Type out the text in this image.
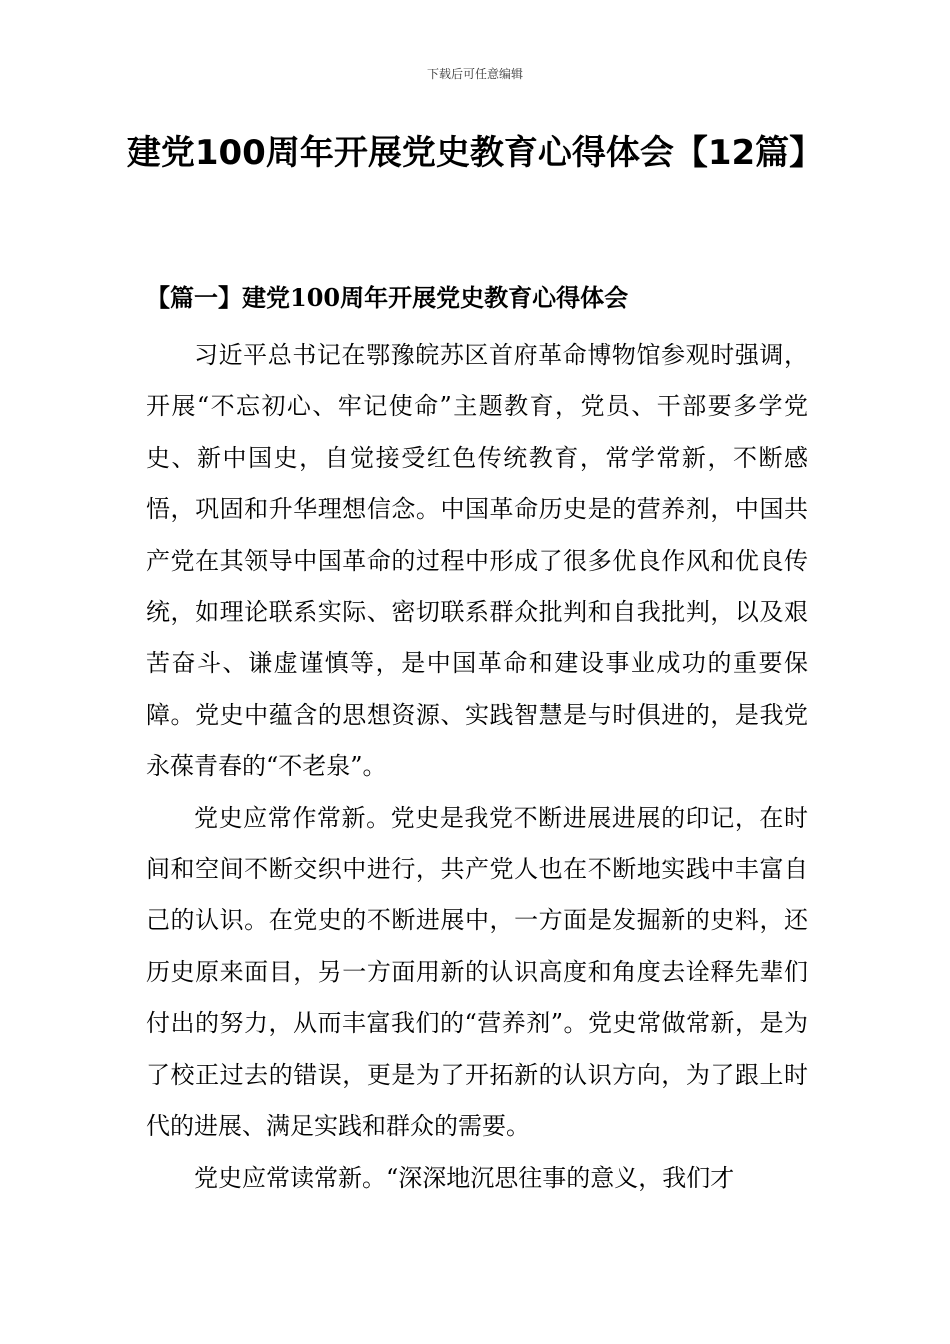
下载后可任意编辑
建党100周年开展党史教育心得体会【12篇】
【篇一】建党100周年开展党史教育心得体会

习近平总书记在鄂豫皖苏区首府革命博物馆参观时强调，开展“不忘初心、牢记使命”主题教育，党员、干部要多学党史、新中国史，自觉接受红色传统教育，常学常新，不断感悟，巩固和升华理想信念。中国革命历史是的营养剂，中国共产党在其领导中国革命的过程中形成了很多优良作风和优良传统，如理论联系实际、密切联系群众批判和自我批判，以及艰苦奋斗、谦虚谨慎等，是中国革命和建设事业成功的重要保障。党史中蕴含的思想资源、实践智慧是与时俱进的，是我党永葆青春的“不老泉”。

党史应常作常新。党史是我党不断进展进展的印记，在时间和空间不断交织中进行，共产党人也在不断地实践中丰富自己的认识。在党史的不断进展中，一方面是发掘新的史料，还历史原来面目，另一方面用新的认识高度和角度去诠释先辈们付出的努力，从而丰富我们的“营养剂”。党史常做常新，是为了校正过去的错误，更是为了开拓新的认识方向，为了跟上时代的进展、满足实践和群众的需要。

党史应常读常新。“深深地沉思往事的意义，我们才
